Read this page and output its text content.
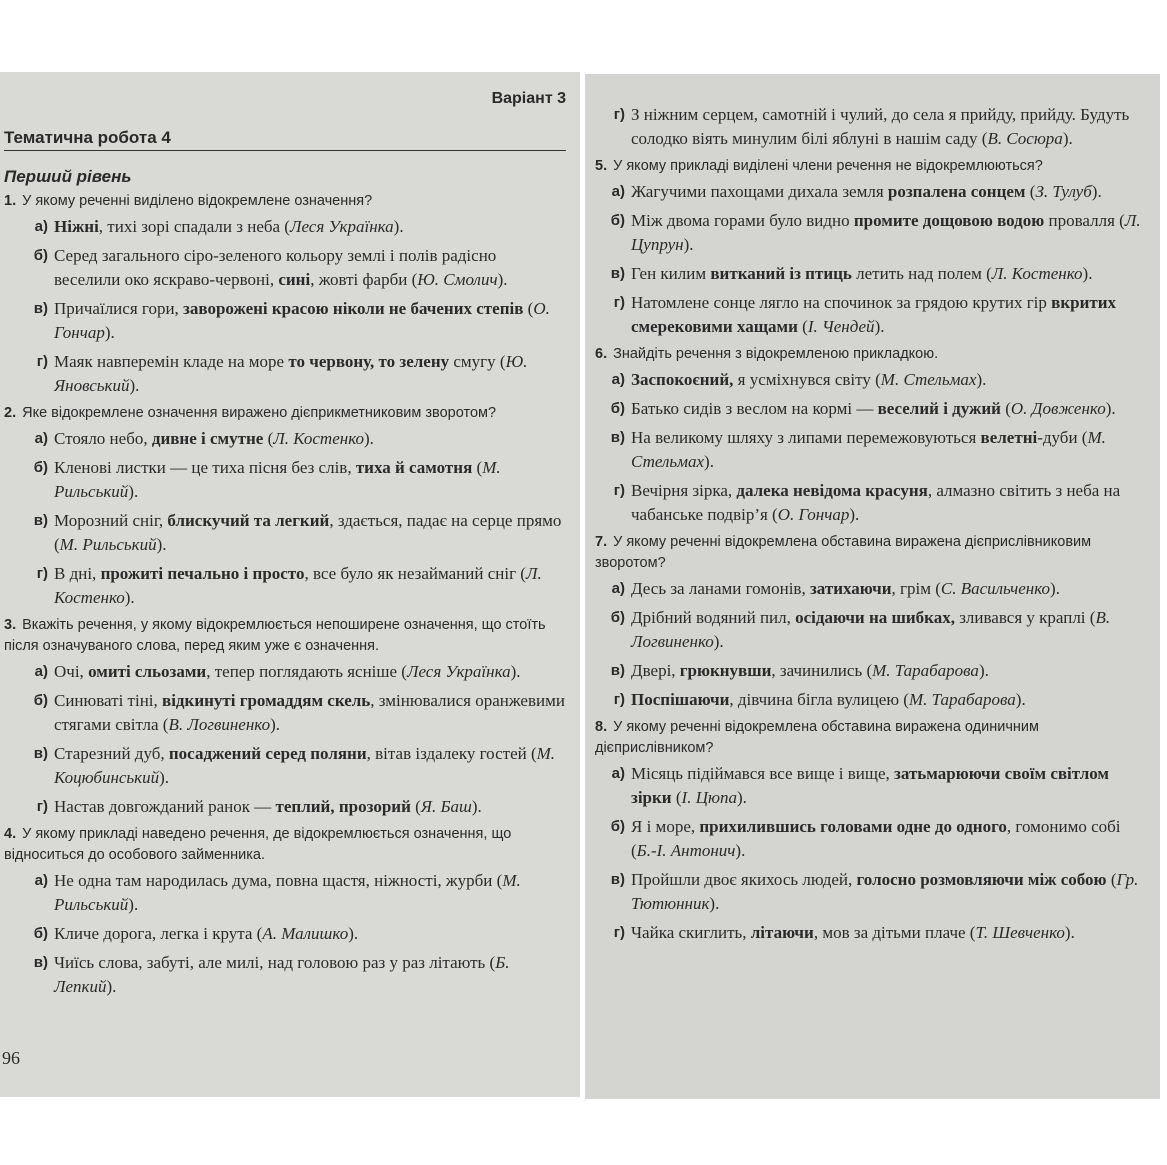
Тематична робота 4
Варіант 3
Перший рівень
1. У якому реченні виділено відокремлене означення?
а) Ніжні, тихі зорі спадали з неба (Леся Українка).
б) Серед загального сіро-зеленого кольору землі і полів радісно веселили око яскраво-червоні, сині, жовті фарби (Ю. Смолич).
в) Причаїлися гори, заворожені красою ніколи не бачених степів (О. Гончар).
г) Маяк навперемін кладе на море то червону, то зелену смугу (Ю. Яновський).
2. Яке відокремлене означення виражено дієприкметниковим зворотом?
а) Стояло небо, дивне і смутне (Л. Костенко).
б) Кленові листки — це тиха пісня без слів, тиха й самотня (М. Рильський).
в) Морозний сніг, блискучий та легкий, здається, падає на серце прямо (М. Рильський).
г) В дні, прожиті печально і просто, все було як незайманий сніг (Л. Костенко).
3. Вкажіть речення, у якому відокремлюється непоширене означення, що стоїть після означуваного слова, перед яким уже є означення.
а) Очі, омиті сльозами, тепер поглядають ясніше (Леся Українка).
б) Синюваті тіні, відкинуті громаддям скель, змінювалися оранжевими стягами світла (В. Логвиненко).
в) Старезний дуб, посаджений серед поляни, вітав іздалеку гостей (М. Коцюбинський).
г) Настав довгожданий ранок — теплий, прозорий (Я. Баш).
4. У якому прикладі наведено речення, де відокремлюється означення, що відноситься до особового займенника.
а) Не одна там народилась дума, повна щастя, ніжності, журби (М. Рильський).
б) Кличе дорога, легка і крута (А. Малишко).
в) Чиїсь слова, забуті, але милі, над головою раз у раз літають (Б. Лепкий).
96
г) З ніжним серцем, самотній і чулий, до села я прийду, прийду. Будуть солодко віять минулим білі яблуні в нашім саду (В. Сосюра).
5. У якому прикладі виділені члени речення не відокремлюються?
а) Жагучими пахощами дихала земля розпалена сонцем (З. Тулуб).
б) Між двома горами було видно промите дощовою водою провалля (Л. Цупрун).
в) Ген килим витканий із птиць летить над полем (Л. Костенко).
г) Натомлене сонце лягло на спочинок за грядою крутих гір вкритих смерековими хащами (І. Чендей).
6. Знайдіть речення з відокремленою прикладкою.
а) Заспокоєний, я усміхнувся світу (М. Стельмах).
б) Батько сидів з веслом на кормі — веселий і дужий (О. Довженко).
в) На великому шляху з липами перемежовуються велетні-дуби (М. Стельмах).
г) Вечірня зірка, далека невідома красуня, алмазно світить з неба на чабанське подвір’я (О. Гончар).
7. У якому реченні відокремлена обставина виражена дієприслівниковим зворотом?
а) Десь за ланами гомонів, затихаючи, грім (С. Васильченко).
б) Дрібний водяний пил, осідаючи на шибках, зливався у краплі (В. Логвиненко).
в) Двері, грюкнувши, зачинились (М. Тарабарова).
г) Поспішаючи, дівчина бігла вулицею (М. Тарабарова).
8. У якому реченні відокремлена обставина виражена одиничним дієприслівником?
а) Місяць підіймався все вище і вище, затьмарюючи своїм світлом зірки (І. Цюпа).
б) Я і море, прихилившись головами одне до одного, гомонимо собі (Б.-І. Антонич).
в) Пройшли двоє якихось людей, голосно розмовляючи між собою (Гр. Тютюнник).
г) Чайка скиглить, літаючи, мов за дітьми плаче (Т. Шевченко).
